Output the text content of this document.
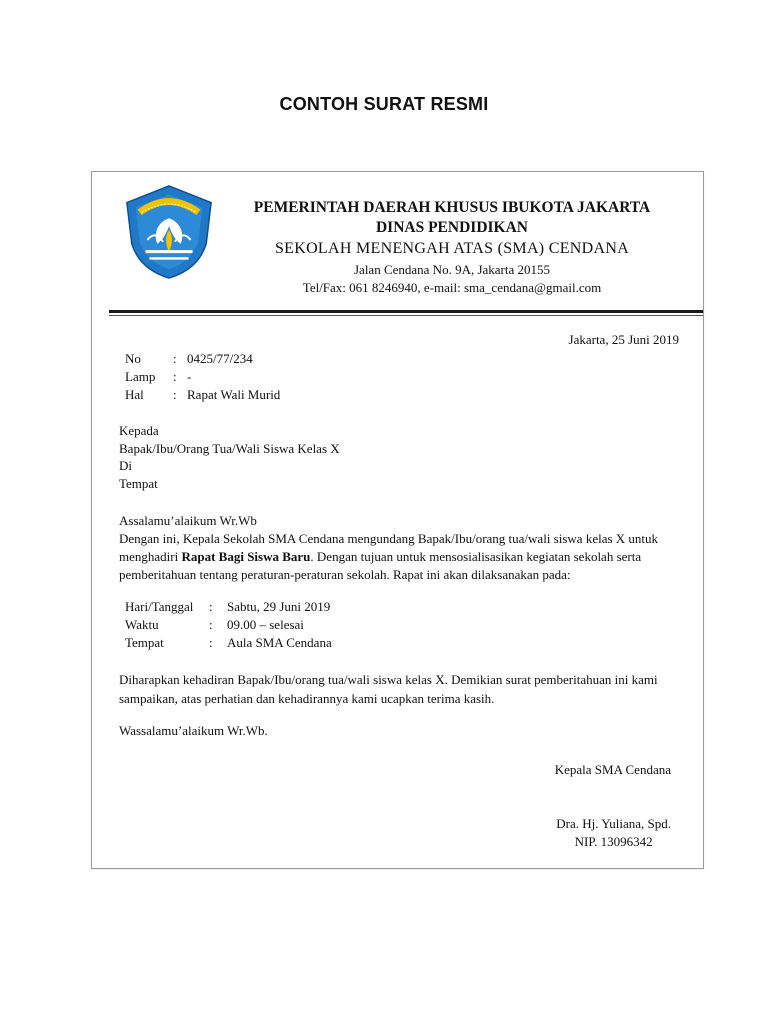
CONTOH SURAT RESMI
PEMERINTAH DAERAH KHUSUS IBUKOTA JAKARTA
DINAS PENDIDIKAN
SEKOLAH MENENGAH ATAS (SMA) CENDANA
Jalan Cendana No. 9A, Jakarta 20155
Tel/Fax: 061 8246940, e-mail: sma_cendana@gmail.com
Jakarta, 25 Juni 2019
No	: 0425/77/234
Lamp	: -
Hal	: Rapat Wali Murid
Kepada
Bapak/Ibu/Orang Tua/Wali Siswa Kelas X
Di
Tempat
Assalamu’alaikum Wr.Wb
Dengan ini, Kepala Sekolah SMA Cendana mengundang Bapak/Ibu/orang tua/wali siswa kelas X untuk menghadiri Rapat Bagi Siswa Baru. Dengan tujuan untuk mensosialisasikan kegiatan sekolah serta pemberitahuan tentang peraturan-peraturan sekolah. Rapat ini akan dilaksanakan pada:
Hari/Tanggal	:	Sabtu, 29 Juni 2019
Waktu	:	09.00 – selesai
Tempat	:	Aula SMA Cendana
Diharapkan kehadiran Bapak/Ibu/orang tua/wali siswa kelas X. Demikian surat pemberitahuan ini kami sampaikan, atas perhatian dan kehadirannya kami ucapkan terima kasih.
Wassalamu’alaikum Wr.Wb.
Kepala SMA Cendana
Dra. Hj. Yuliana, Spd.
NIP. 13096342
